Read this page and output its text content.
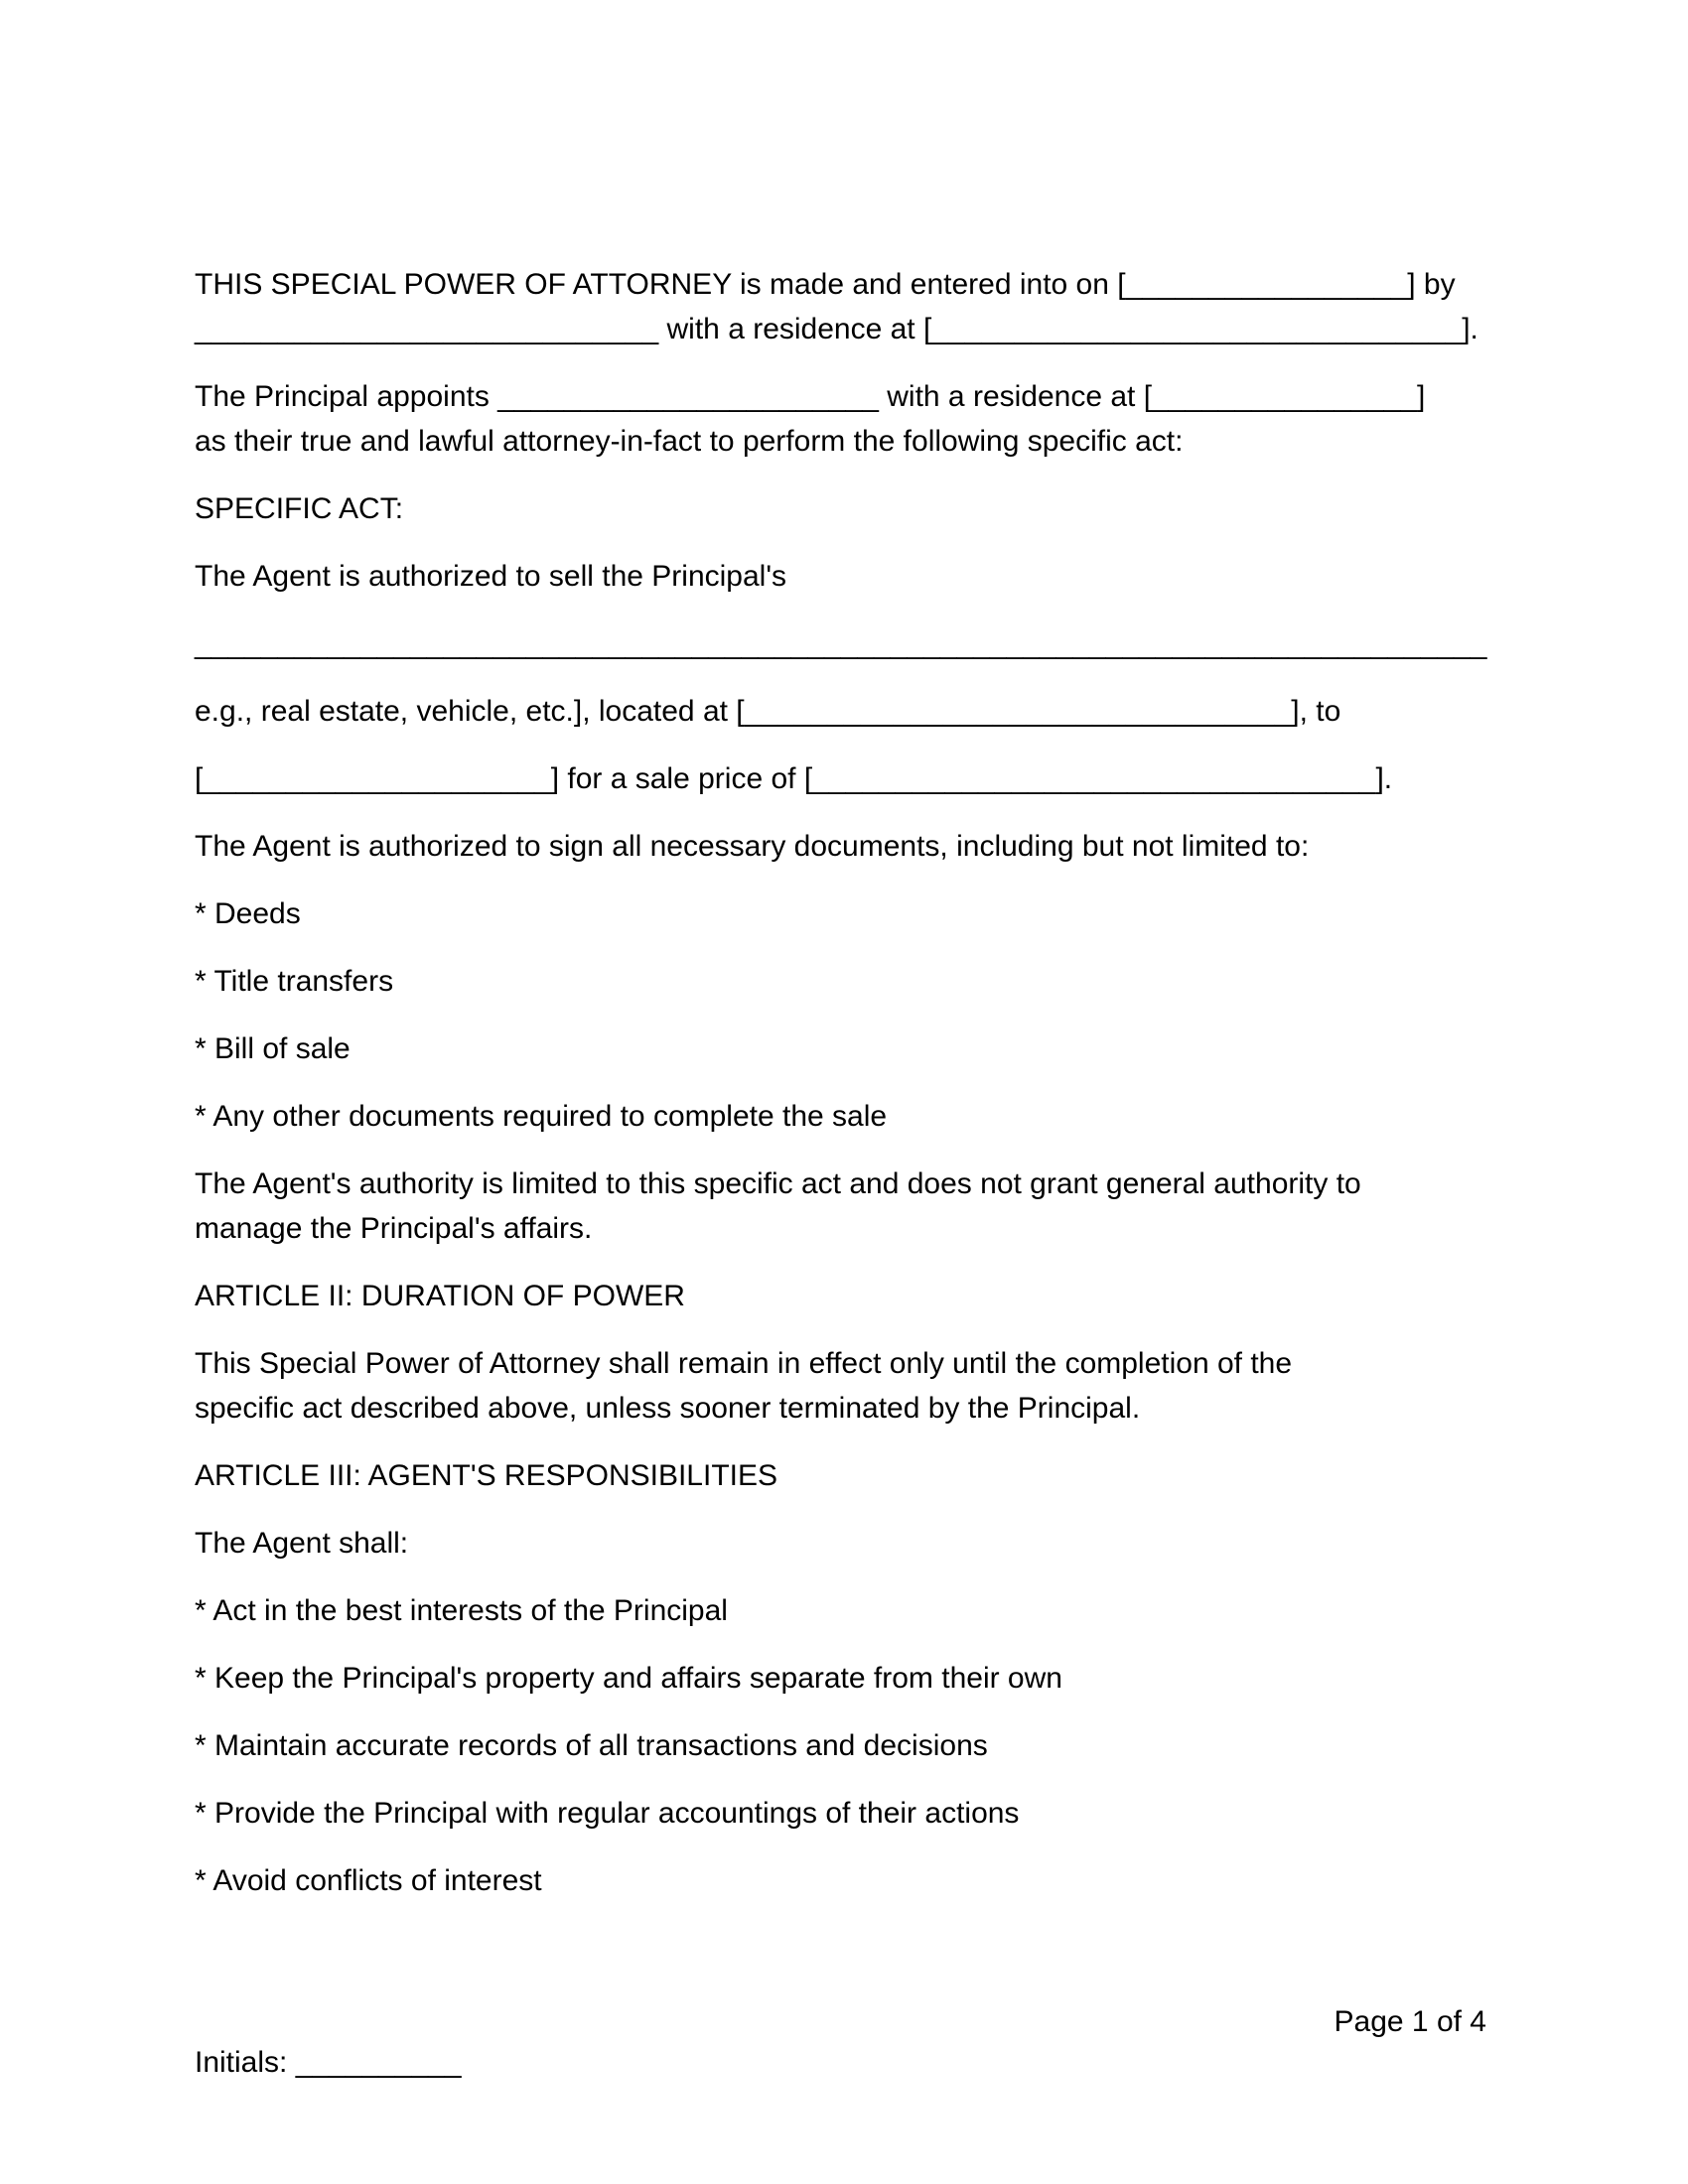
THIS SPECIAL POWER OF ATTORNEY is made and entered into on [_________________] by
____________________________ with a residence at [________________________________].
The Principal appoints _______________________ with a residence at [________________]
as their true and lawful attorney-in-fact to perform the following specific act:
SPECIFIC ACT:
The Agent is authorized to sell the Principal's
______________________________________________________________________________
e.g., real estate, vehicle, etc.], located at [_________________________________], to
[_____________________] for a sale price of [__________________________________].
The Agent is authorized to sign all necessary documents, including but not limited to:
* Deeds
* Title transfers
* Bill of sale
* Any other documents required to complete the sale
The Agent's authority is limited to this specific act and does not grant general authority to
manage the Principal's affairs.
ARTICLE II: DURATION OF POWER
This Special Power of Attorney shall remain in effect only until the completion of the
specific act described above, unless sooner terminated by the Principal.
ARTICLE III: AGENT'S RESPONSIBILITIES
The Agent shall:
* Act in the best interests of the Principal
* Keep the Principal's property and affairs separate from their own
* Maintain accurate records of all transactions and decisions
* Provide the Principal with regular accountings of their actions
* Avoid conflicts of interest
Page 1 of 4
Initials: __________
